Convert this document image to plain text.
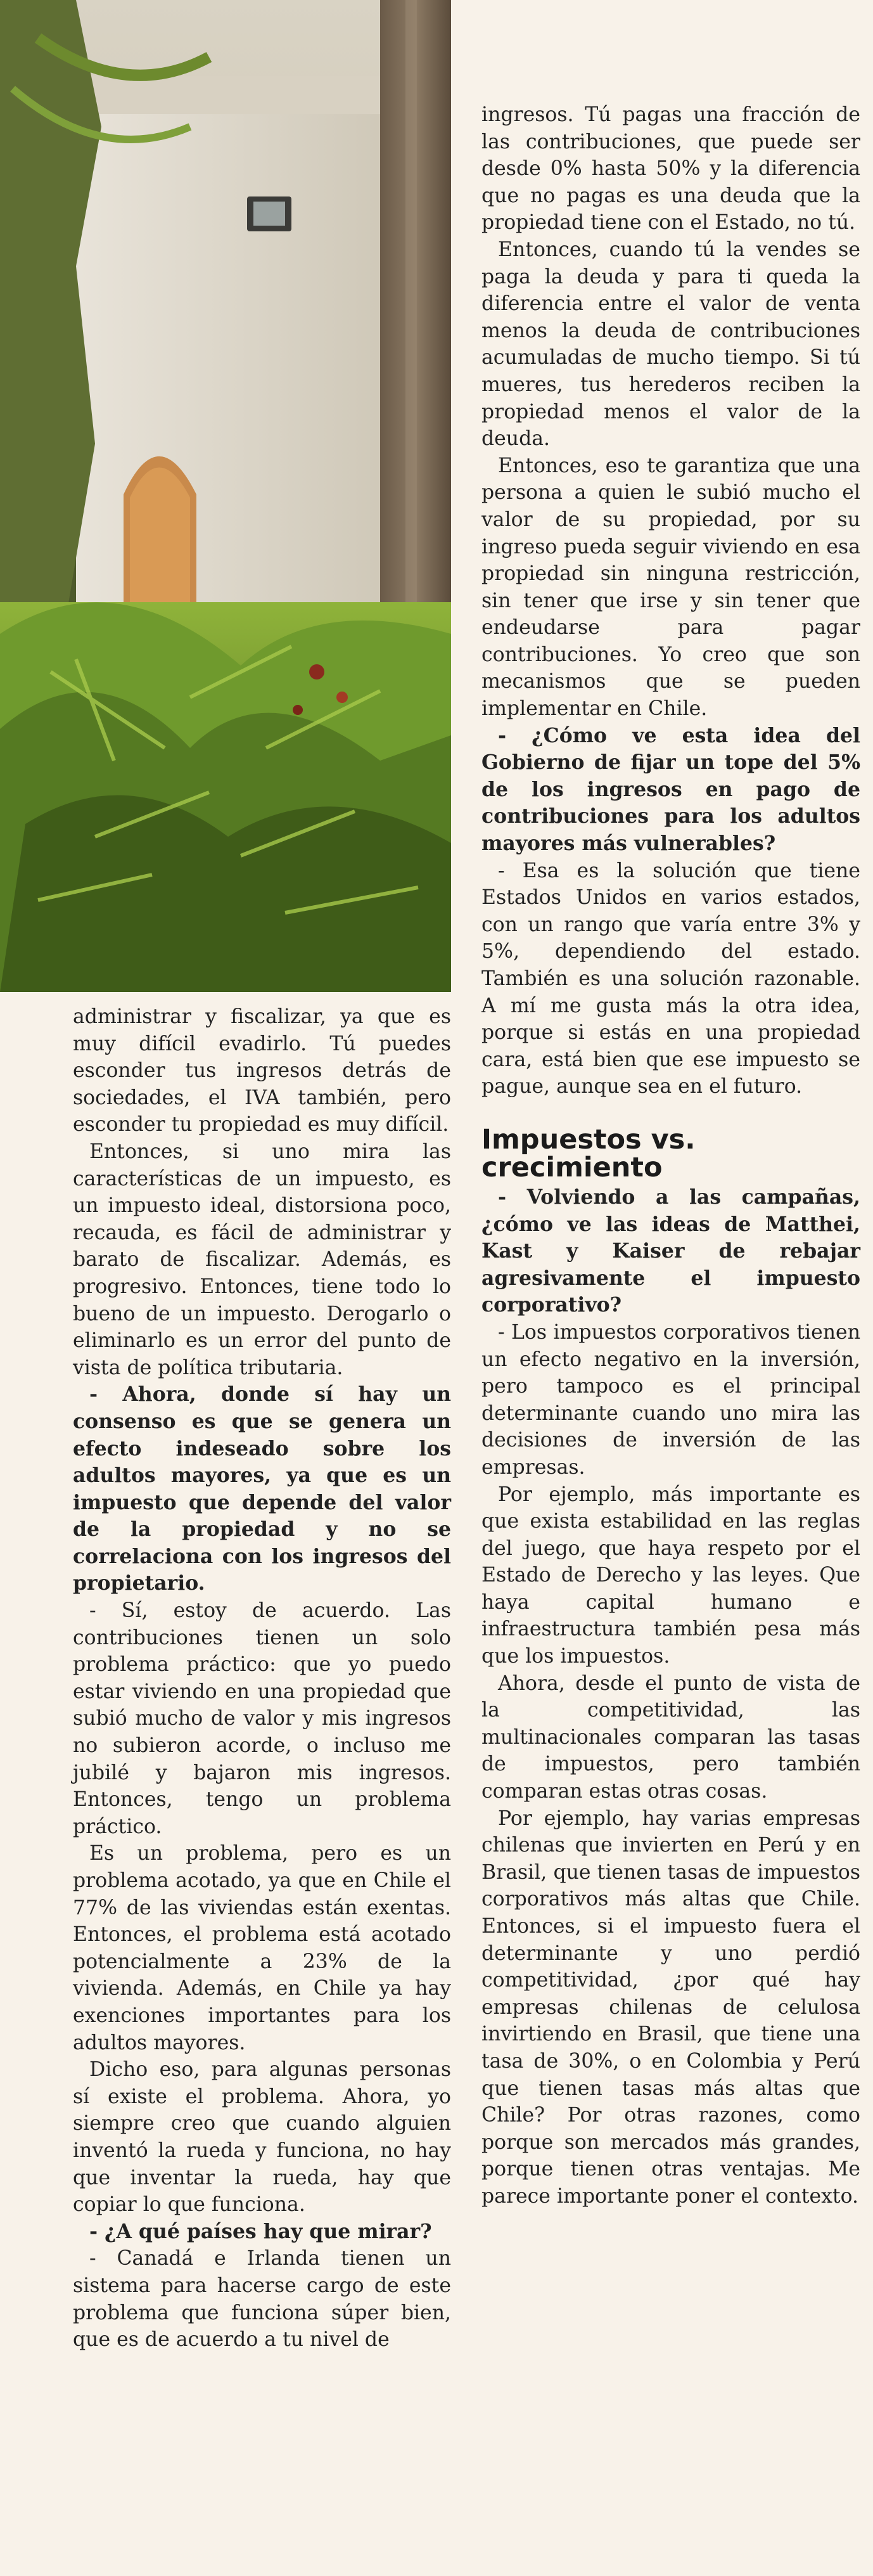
administrar y fiscalizar, ya que es muy difícil evadirlo. Tú puedes esconder tus ingresos detrás de sociedades, el IVA también, pero esconder tu propiedad es muy difícil.

Entonces, si uno mira las características de un impuesto, es un impuesto ideal, distorsiona poco, recauda, es fácil de administrar y barato de fiscalizar. Además, es progresivo. Entonces, tiene todo lo bueno de un impuesto. Derogarlo o eliminarlo es un error del punto de vista de política tributaria.

- Ahora, donde sí hay un consenso es que se genera un efecto indeseado sobre los adultos mayores, ya que es un impuesto que depende del valor de la propiedad y no se correlaciona con los ingresos del propietario.

- Sí, estoy de acuerdo. Las contribuciones tienen un solo problema práctico: que yo puedo estar viviendo en una propiedad que subió mucho de valor y mis ingresos no subieron acorde, o incluso me jubilé y bajaron mis ingresos. Entonces, tengo un problema práctico.

Es un problema, pero es un problema acotado, ya que en Chile el 77% de las viviendas están exentas. Entonces, el problema está acotado potencialmente a 23% de la vivienda. Además, en Chile ya hay exenciones importantes para los adultos mayores.

Dicho eso, para algunas personas sí existe el problema. Ahora, yo siempre creo que cuando alguien inventó la rueda y funciona, no hay que inventar la rueda, hay que copiar lo que funciona.

- ¿A qué países hay que mirar?

- Canadá e Irlanda tienen un sistema para hacerse cargo de este problema que funciona súper bien, que es de acuerdo a tu nivel de

ingresos. Tú pagas una fracción de las contribuciones, que puede ser desde 0% hasta 50% y la diferencia que no pagas es una deuda que la propiedad tiene con el Estado, no tú.

Entonces, cuando tú la vendes se paga la deuda y para ti queda la diferencia entre el valor de venta menos la deuda de contribuciones acumuladas de mucho tiempo. Si tú mueres, tus herederos reciben la propiedad menos el valor de la deuda.

Entonces, eso te garantiza que una persona a quien le subió mucho el valor de su propiedad, por su ingreso pueda seguir viviendo en esa propiedad sin ninguna restricción, sin tener que irse y sin tener que endeudarse para pagar contribuciones. Yo creo que son mecanismos que se pueden implementar en Chile.

- ¿Cómo ve esta idea del Gobierno de fijar un tope del 5% de los ingresos en pago de contribuciones para los adultos mayores más vulnerables?

- Esa es la solución que tiene Estados Unidos en varios estados, con un rango que varía entre 3% y 5%, dependiendo del estado. También es una solución razonable. A mí me gusta más la otra idea, porque si estás en una propiedad cara, está bien que ese impuesto se pague, aunque sea en el futuro.

Impuestos vs.
crecimiento

- Volviendo a las campañas, ¿cómo ve las ideas de Matthei, Kast y Kaiser de rebajar agresivamente el impuesto corporativo?

- Los impuestos corporativos tienen un efecto negativo en la inversión, pero tampoco es el principal determinante cuando uno mira las decisiones de inversión de las empresas.

Por ejemplo, más importante es que exista estabilidad en las reglas del juego, que haya respeto por el Estado de Derecho y las leyes. Que haya capital humano e infraestructura también pesa más que los impuestos.

Ahora, desde el punto de vista de la competitividad, las multinacionales comparan las tasas de impuestos, pero también comparan estas otras cosas.

Por ejemplo, hay varias empresas chilenas que invierten en Perú y en Brasil, que tienen tasas de impuestos corporativos más altas que Chile. Entonces, si el impuesto fuera el determinante y uno perdió competitividad, ¿por qué hay empresas chilenas de celulosa invirtiendo en Brasil, que tiene una tasa de 30%, o en Colombia y Perú que tienen tasas más altas que Chile? Por otras razones, como porque son mercados más grandes, porque tienen otras ventajas. Me parece importante poner el contexto.
